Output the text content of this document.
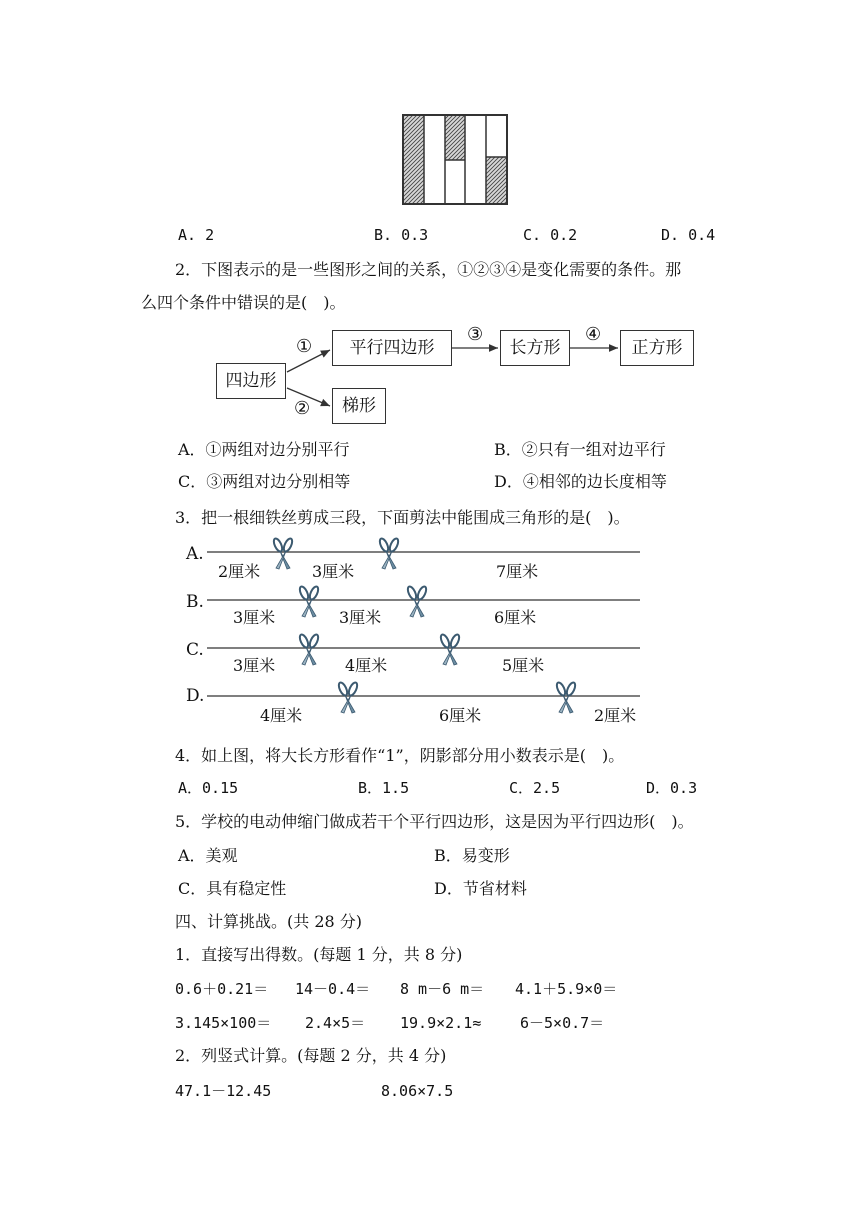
A. 2	B. 0.3	C. 0.2	D. 0.4
2．下图表示的是一些图形之间的关系，①②③④是变化需要的条件。那
么四个条件中错误的是(　)。
四边形
平行四边形	长方形	正方形
梯形
①
②
③	④
A．①两组对边分别平行	B．②只有一组对边平行
C．③两组对边分别相等	D．④相邻的边长度相等
3．把一根细铁丝剪成三段，下面剪法中能围成三角形的是(　)。
A.
2厘米	3厘米	7厘米
B.
3厘米	3厘米	6厘米
C.
3厘米	4厘米	5厘米
D.
4厘米	6厘米	2厘米
4．如上图，将大长方形看作“1”，阴影部分用小数表示是(　)。
A．0.15	B．1.5	C．2.5	D．0.3
5．学校的电动伸缩门做成若干个平行四边形，这是因为平行四边形(　)。
A．美观	B．易变形
C．具有稳定性	D．节省材料
四、计算挑战。(共 28 分)
1．直接写出得数。(每题 1 分，共 8 分)
0.6＋0.21＝ 14－0.4＝ 8 m－6 m＝ 4.1＋5.9×0＝
3.145×100＝ 2.4×5＝ 19.9×2.1≈	6－5×0.7＝
2．列竖式计算。(每题 2 分，共 4 分)
47.1－12.45	8.06×7.5
